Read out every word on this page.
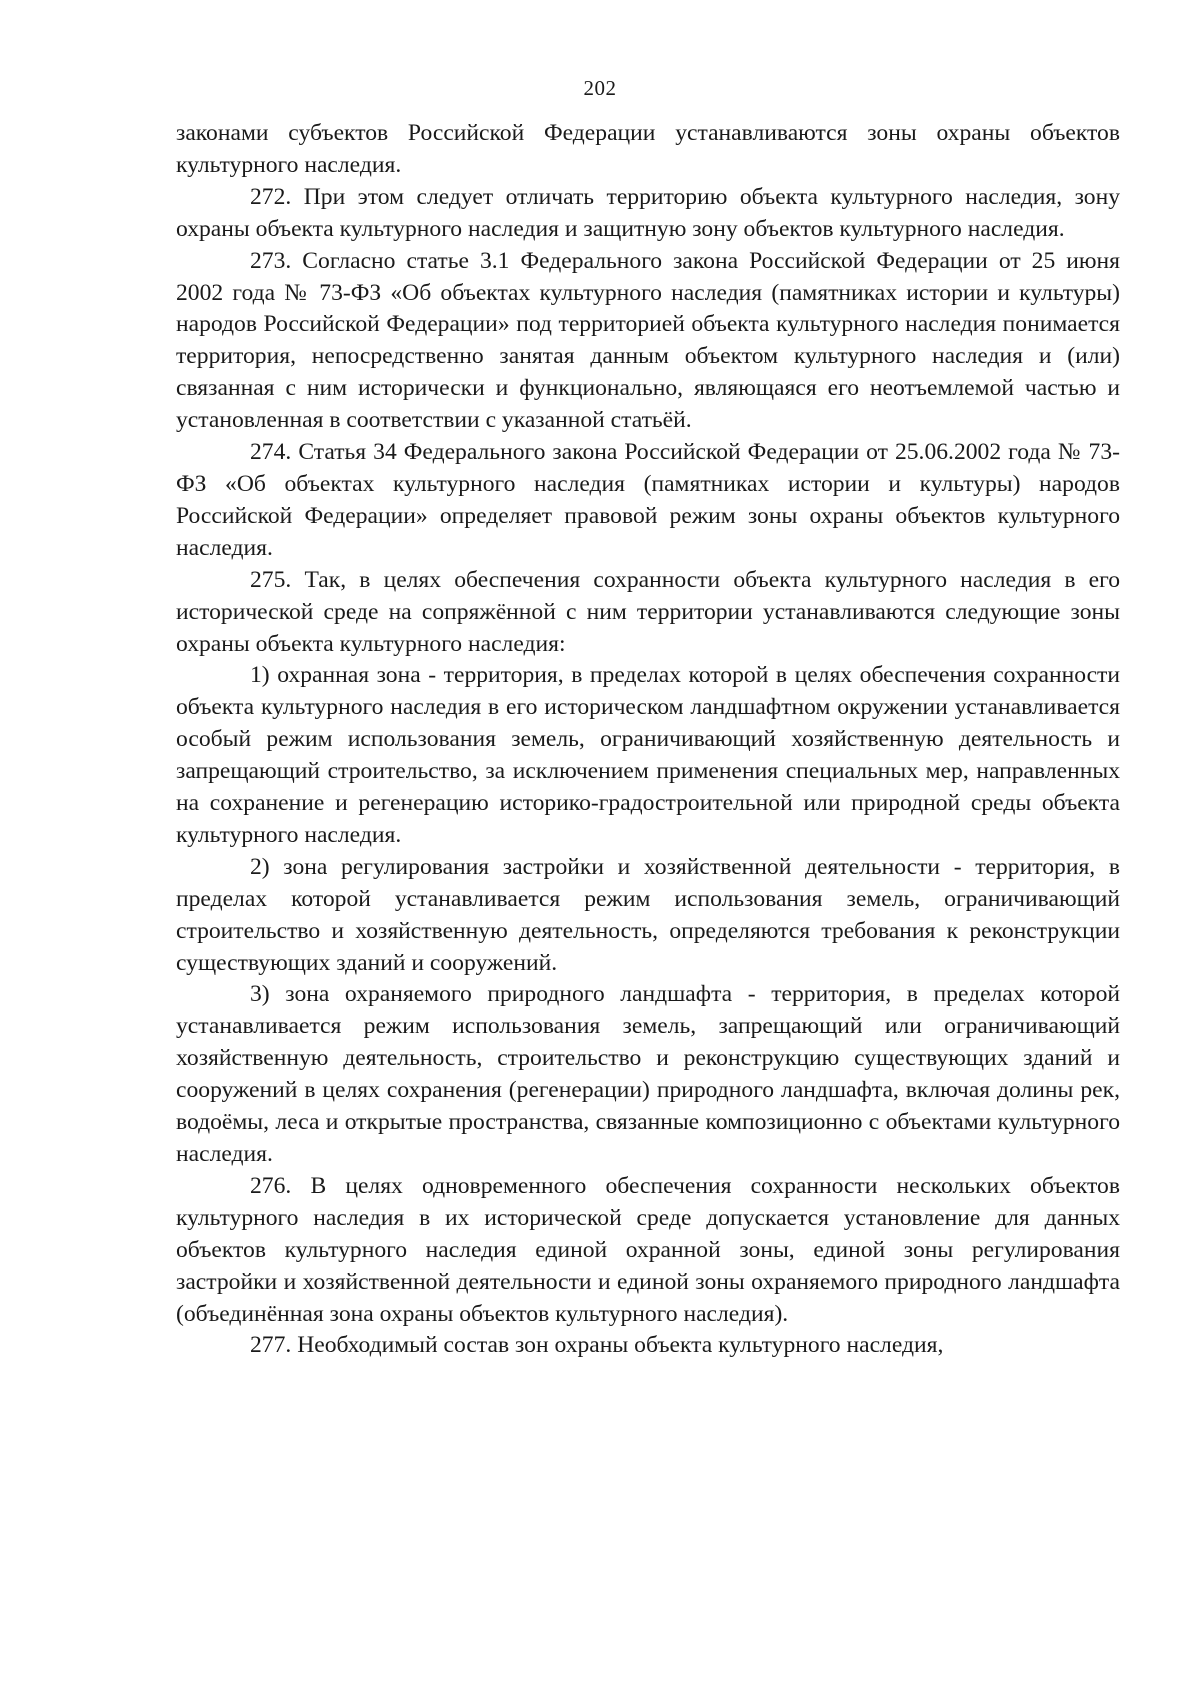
202

законами субъектов Российской Федерации устанавливаются зоны охраны объектов культурного наследия.

272. При этом следует отличать территорию объекта культурного наследия, зону охраны объекта культурного наследия и защитную зону объектов культурного наследия.

273. Согласно статье 3.1 Федерального закона Российской Федерации от 25 июня 2002 года № 73-ФЗ «Об объектах культурного наследия (памятниках истории и культуры) народов Российской Федерации» под территорией объекта культурного наследия понимается территория, непосредственно занятая данным объектом культурного наследия и (или) связанная с ним исторически и функционально, являющаяся его неотъемлемой частью и установленная в соответствии с указанной статьёй.

274. Статья 34 Федерального закона Российской Федерации от 25.06.2002 года № 73-ФЗ «Об объектах культурного наследия (памятниках истории и культуры) народов Российской Федерации» определяет правовой режим зоны охраны объектов культурного наследия.

275. Так, в целях обеспечения сохранности объекта культурного наследия в его исторической среде на сопряжённой с ним территории устанавливаются следующие зоны охраны объекта культурного наследия:

1) охранная зона - территория, в пределах которой в целях обеспечения сохранности объекта культурного наследия в его историческом ландшафтном окружении устанавливается особый режим использования земель, ограничивающий хозяйственную деятельность и запрещающий строительство, за исключением применения специальных мер, направленных на сохранение и регенерацию историко-градостроительной или природной среды объекта культурного наследия.

2) зона регулирования застройки и хозяйственной деятельности - территория, в пределах которой устанавливается режим использования земель, ограничивающий строительство и хозяйственную деятельность, определяются требования к реконструкции существующих зданий и сооружений.

3) зона охраняемого природного ландшафта - территория, в пределах которой устанавливается режим использования земель, запрещающий или ограничивающий хозяйственную деятельность, строительство и реконструкцию существующих зданий и сооружений в целях сохранения (регенерации) природного ландшафта, включая долины рек, водоёмы, леса и открытые пространства, связанные композиционно с объектами культурного наследия.

276. В целях одновременного обеспечения сохранности нескольких объектов культурного наследия в их исторической среде допускается установление для данных объектов культурного наследия единой охранной зоны, единой зоны регулирования застройки и хозяйственной деятельности и единой зоны охраняемого природного ландшафта (объединённая зона охраны объектов культурного наследия).

277. Необходимый состав зон охраны объекта культурного наследия,
